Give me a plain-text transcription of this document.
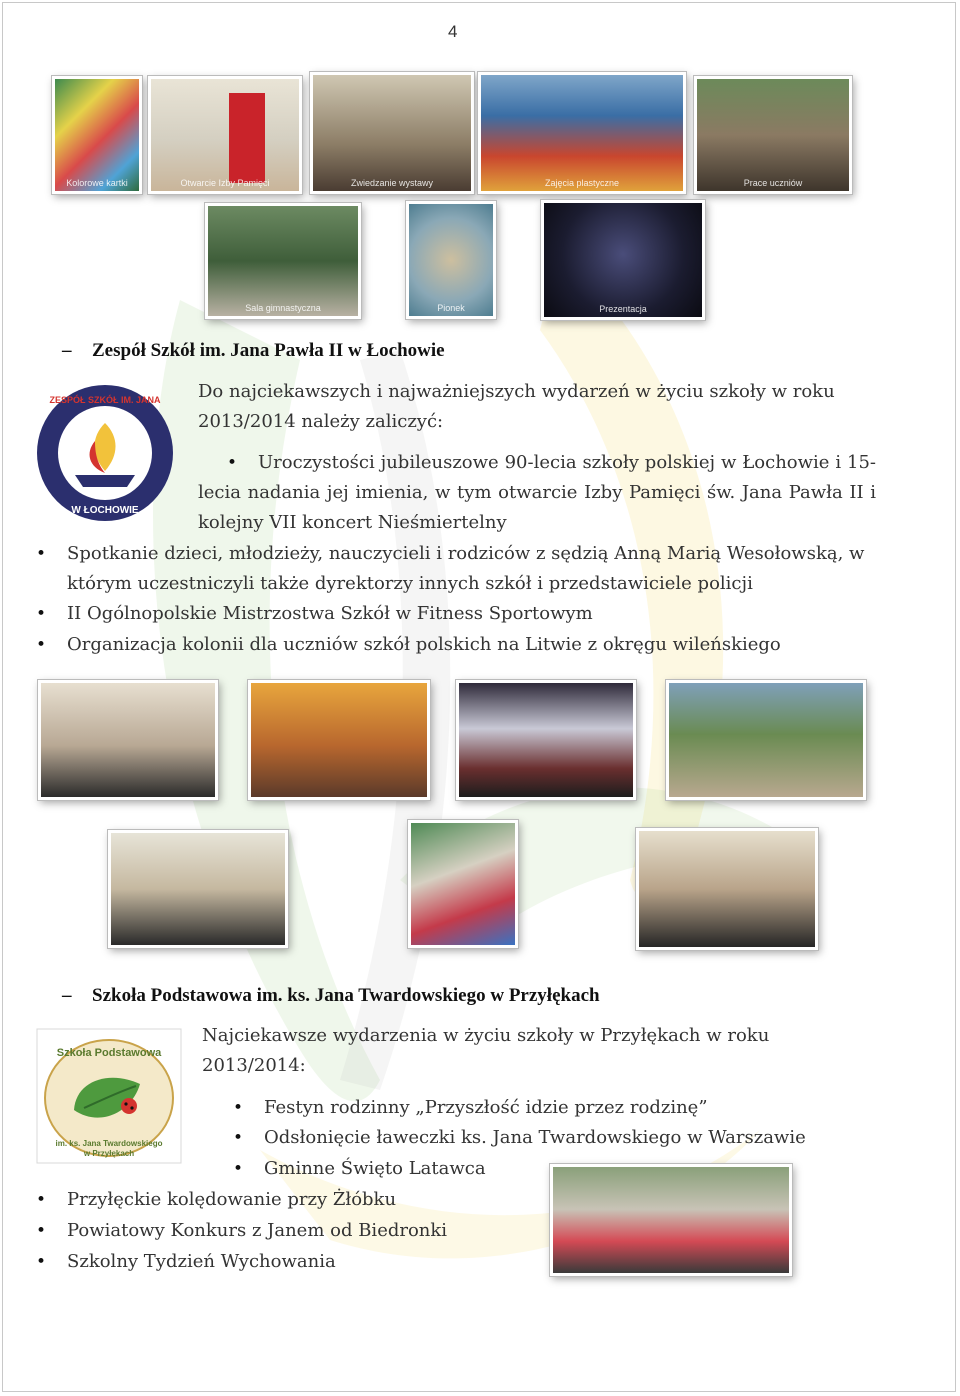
4
Kolorowe kartki	Otwarcie Izby Pamięci	Zwiedzanie wystawy	Zajęcia plastyczne	Prace uczniów
Sala gimnastyczna	Pionek	Prezentacja
– Zespół Szkół im. Jana Pawła II w Łochowie
ZESPÓŁ SZKÓŁ IM. JANA
W ŁOCHOWIE
Do najciekawszych i najważniejszych wydarzeń w życiu szkoły w roku 2013/2014 należy zaliczyć:
• Uroczystości jubileuszowe 90-lecia szkoły polskiej w Łochowie i 15-lecia nadania jej imienia, w tym otwarcie Izby Pamięci św. Jana Pawła II i kolejny VII koncert Nieśmiertelny
• Spotkanie dzieci, młodzieży, nauczycieli i rodziców z sędzią Anną Marią Wesołowską, w którym uczestniczyli także dyrektorzy innych szkół i przedstawiciele policji
• II Ogólnopolskie Mistrzostwa Szkół w Fitness Sportowym
• Organizacja kolonii dla uczniów szkół polskich na Litwie z okręgu wileńskiego
– Szkoła Podstawowa im. ks. Jana Twardowskiego w Przyłękach
Szkoła Podstawowa
im. ks. Jana Twardowskiego
w Przyłękach
Najciekawsze wydarzenia w życiu szkoły w Przyłękach w roku 2013/2014:
• Festyn rodzinny „Przyszłość idzie przez rodzinę”
• Odsłonięcie ławeczki ks. Jana Twardowskiego w Warszawie
• Gminne Święto Latawca
• Przyłęckie kolędowanie przy Żłóbku
• Powiatowy Konkurs z Janem od Biedronki
• Szkolny Tydzień Wychowania
